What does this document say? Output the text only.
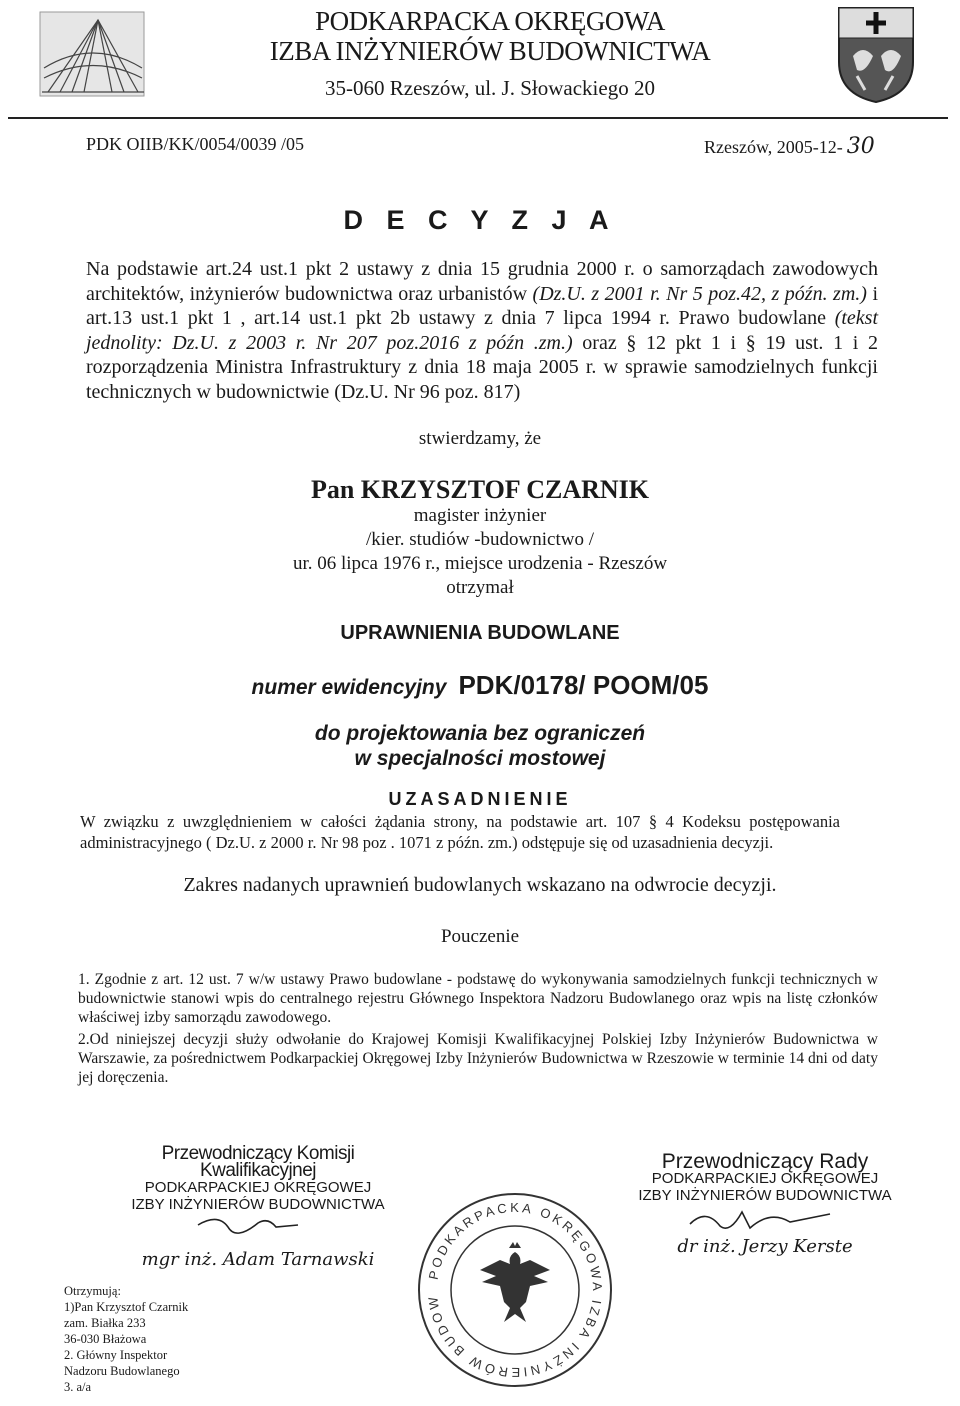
PODKARPACKA OKRĘGOWA
IZBA INŻYNIERÓW BUDOWNICTWA
35-060 Rzeszów, ul. J. Słowackiego 20
PDK OIIB/KK/0054/0039 /05	Rzeszów, 2005-12- 30
D E C Y Z J A
Na podstawie art.24 ust.1 pkt 2 ustawy z dnia 15 grudnia 2000 r. o samorządach zawodowych architektów, inżynierów budownictwa oraz urbanistów (Dz.U. z 2001 r. Nr 5 poz.42, z późn. zm.) i art.13 ust.1 pkt 1 , art.14 ust.1 pkt 2b ustawy z dnia 7 lipca 1994 r. Prawo budowlane (tekst jednolity: Dz.U. z 2003 r. Nr 207 poz.2016 z późn .zm.) oraz § 12 pkt 1 i § 19 ust. 1 i 2 rozporządzenia Ministra Infrastruktury z dnia 18 maja 2005 r. w sprawie samodzielnych funkcji technicznych w budownictwie (Dz.U. Nr 96 poz. 817)
stwierdzamy, że
Pan KRZYSZTOF CZARNIK
magister inżynier
/kier. studiów -budownictwo /
ur. 06 lipca 1976 r., miejsce urodzenia - Rzeszów
otrzymał
UPRAWNIENIA BUDOWLANE
numer ewidencyjny PDK/0178/ POOM/05
do projektowania bez ograniczeń
w specjalności mostowej
UZASADNIENIE
W związku z uwzględnieniem w całości żądania strony, na podstawie art. 107 § 4 Kodeksu postępowania administracyjnego ( Dz.U. z 2000 r. Nr 98 poz . 1071 z późn. zm.) odstępuje się od uzasadnienia decyzji.
Zakres nadanych uprawnień budowlanych wskazano na odwrocie decyzji.
Pouczenie
1. Zgodnie z art. 12 ust. 7 w/w ustawy Prawo budowlane - podstawę do wykonywania samodzielnych funkcji technicznych w budownictwie stanowi wpis do centralnego rejestru Głównego Inspektora Nadzoru Budowlanego oraz wpis na listę członków właściwej izby samorządu zawodowego.
2.Od niniejszej decyzji służy odwołanie do Krajowej Komisji Kwalifikacyjnej Polskiej Izby Inżynierów Budownictwa w Warszawie, za pośrednictwem Podkarpackiej Okręgowej Izby Inżynierów Budownictwa w Rzeszowie w terminie 14 dni od daty jej doręczenia.
Przewodniczący Komisji Kwalifikacyjnej
PODKARPACKIEJ OKRĘGOWEJ
IZBY INŻYNIERÓW BUDOWNICTWA
mgr inż. Adam Tarnawski
PODKARPACKA OKRĘGOWA IZBA INŻYNIERÓW BUDOW
Przewodniczący Rady
PODKARPACKIEJ OKRĘGOWEJ
IZBY INŻYNIERÓW BUDOWNICTWA
dr inż. Jerzy Kerste
Otrzymują:
1)Pan Krzysztof Czarnik
zam. Białka 233
36-030 Błażowa
2. Główny Inspektor
Nadzoru Budowlanego
3. a/a
